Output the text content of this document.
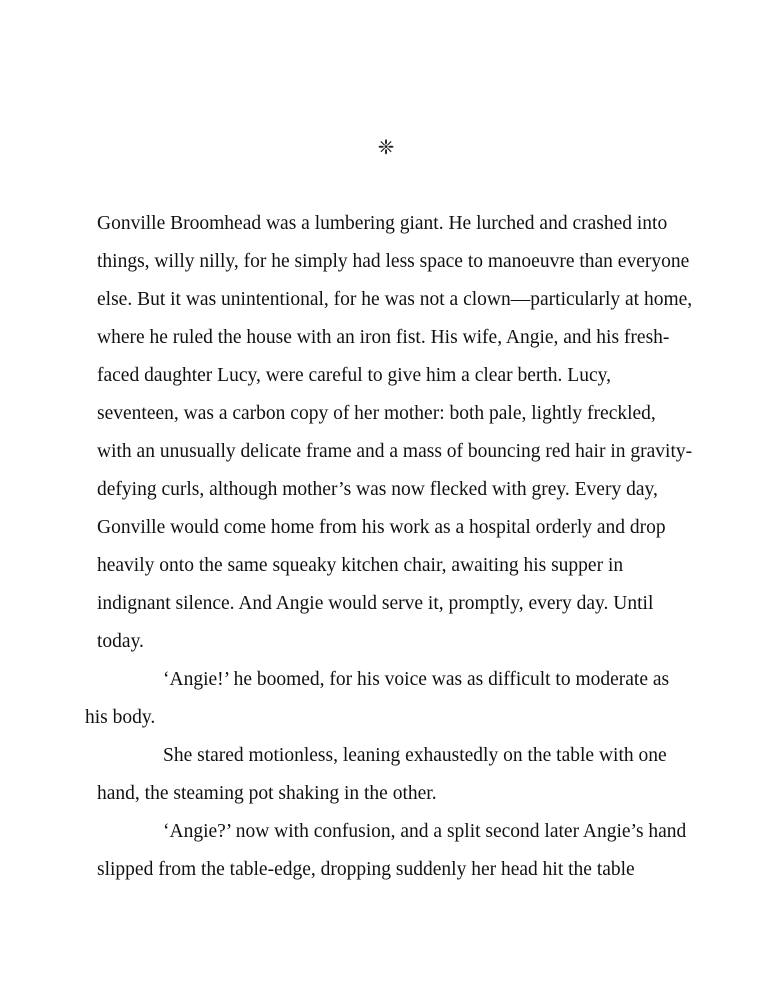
❈
Gonville Broomhead was a lumbering giant. He lurched and crashed into
things, willy nilly, for he simply had less space to manoeuvre than everyone
else. But it was unintentional, for he was not a clown—particularly at home,
where he ruled the house with an iron fist. His wife, Angie, and his fresh-
faced daughter Lucy, were careful to give him a clear berth. Lucy,
seventeen, was a carbon copy of her mother: both pale, lightly freckled,
with an unusually delicate frame and a mass of bouncing red hair in gravity-
defying curls, although mother’s was now flecked with grey. Every day,
Gonville would come home from his work as a hospital orderly and drop
heavily onto the same squeaky kitchen chair, awaiting his supper in
indignant silence. And Angie would serve it, promptly, every day. Until
today.
‘Angie!’ he boomed, for his voice was as difficult to moderate as
his body.
She stared motionless, leaning exhaustedly on the table with one
hand, the steaming pot shaking in the other.
‘Angie?’ now with confusion, and a split second later Angie’s hand
slipped from the table-edge, dropping suddenly her head hit the table
